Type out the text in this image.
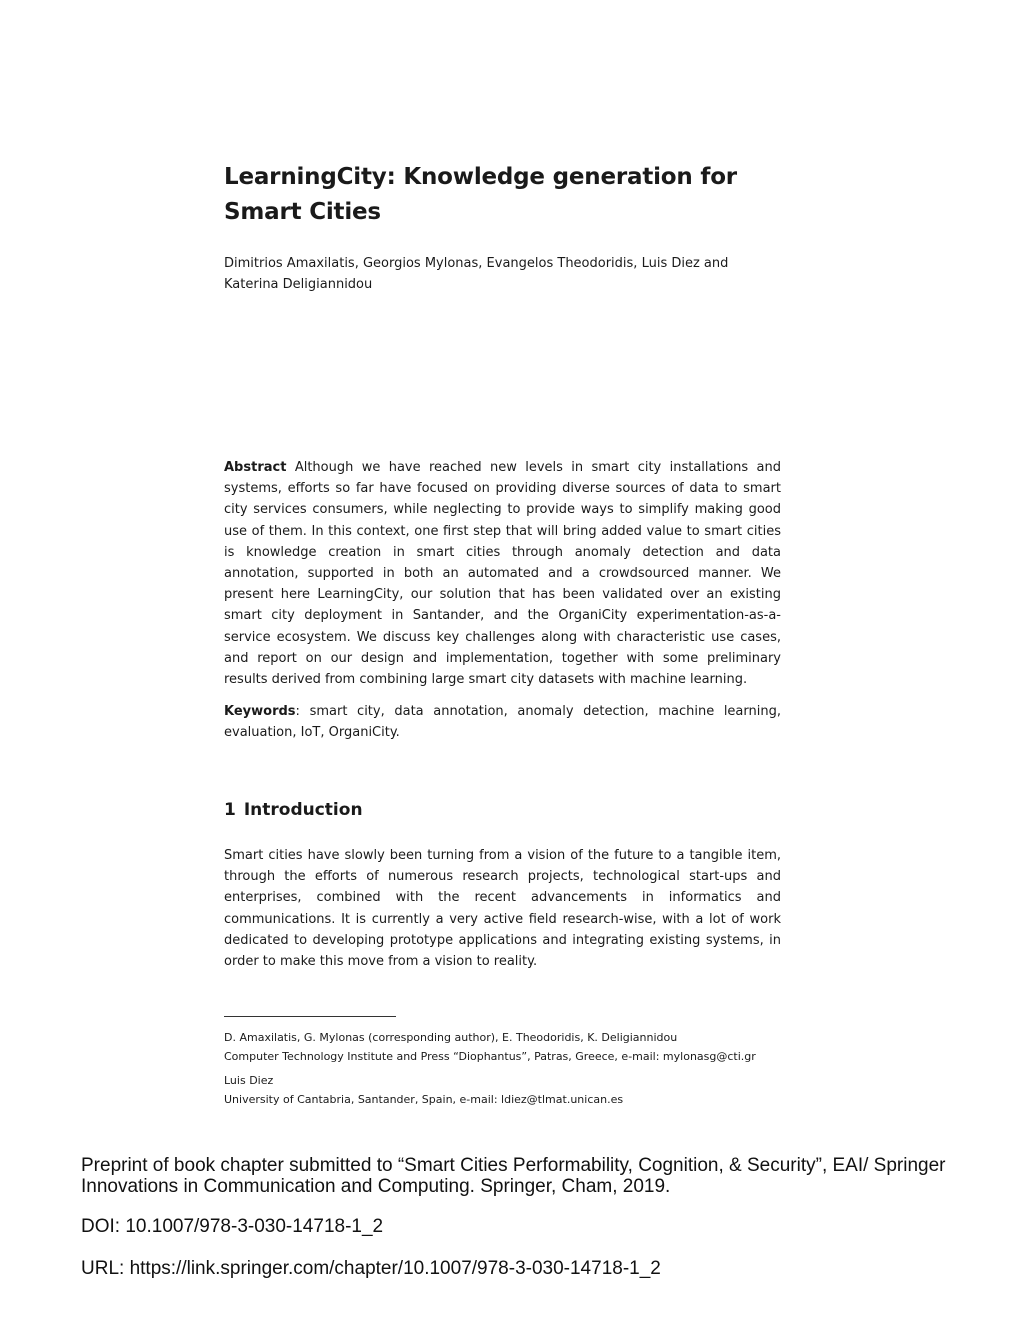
LearningCity: Knowledge generation for Smart Cities
Dimitrios Amaxilatis, Georgios Mylonas, Evangelos Theodoridis, Luis Diez and Katerina Deligiannidou
Abstract Although we have reached new levels in smart city installations and systems, efforts so far have focused on providing diverse sources of data to smart city services consumers, while neglecting to provide ways to simplify making good use of them. In this context, one first step that will bring added value to smart cities is knowledge creation in smart cities through anomaly detection and data annotation, supported in both an automated and a crowdsourced manner. We present here LearningCity, our solution that has been validated over an existing smart city deployment in Santander, and the OrganiCity experimentation-as-a-service ecosystem. We discuss key challenges along with characteristic use cases, and report on our design and implementation, together with some preliminary results derived from combining large smart city datasets with machine learning.
Keywords: smart city, data annotation, anomaly detection, machine learning, evaluation, IoT, OrganiCity.
1 Introduction
Smart cities have slowly been turning from a vision of the future to a tangible item, through the efforts of numerous research projects, technological start-ups and enterprises, combined with the recent advancements in informatics and communications. It is currently a very active field research-wise, with a lot of work dedicated to developing prototype applications and integrating existing systems, in order to make this move from a vision to reality.
D. Amaxilatis, G. Mylonas (corresponding author), E. Theodoridis, K. Deligiannidou
Computer Technology Institute and Press “Diophantus”, Patras, Greece, e-mail: mylonasg@cti.gr
Luis Diez
University of Cantabria, Santander, Spain, e-mail: ldiez@tlmat.unican.es
Preprint of book chapter submitted to “Smart Cities Performability, Cognition, & Security”, EAI/ Springer Innovations in Communication and Computing. Springer, Cham, 2019.
DOI: 10.1007/978-3-030-14718-1_2
URL: https://link.springer.com/chapter/10.1007/978-3-030-14718-1_2
